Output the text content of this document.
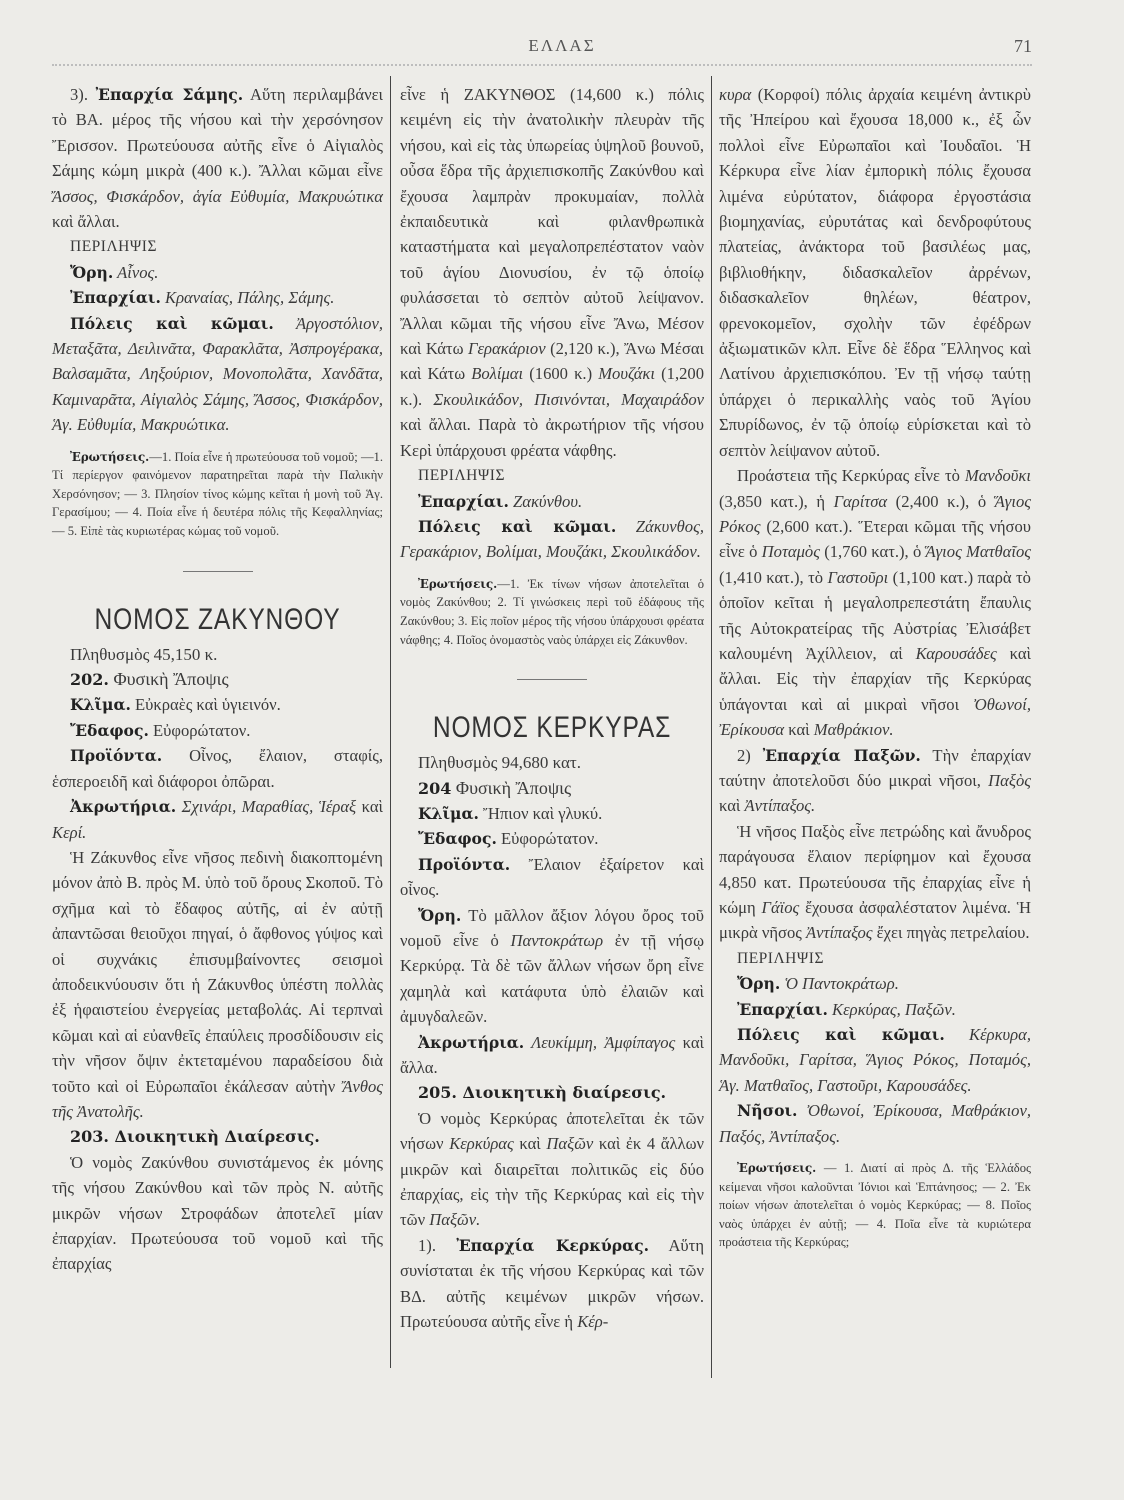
ΕΛΛΑΣ	71

3). Ἐπαρχία Σάμης. Αὕτη περιλαμβάνει τὸ ΒΑ. μέρος τῆς νήσου καὶ τὴν χερσόνησον Ἔρισσον. Πρωτεύουσα αὐτῆς εἶνε ὁ Αἰγιαλὸς Σάμης κώμη μικρὰ (400 κ.). Ἄλλαι κῶμαι εἶνε Ἄσσος, Φισκάρδον, ἁγία Εὐθυμία, Μακρυώτικα καὶ ἄλλαι.

ΠΕΡΙΛΗΨΙΣ

Ὄρη. Αἶνος.

Ἐπαρχίαι. Κραναίας, Πάλης, Σάμης.

Πόλεις καὶ κῶμαι. Ἀργοστόλιον, Μεταξᾶτα, Δειλινᾶτα, Φαρακλᾶτα, Ἀσπρογέρακα, Βαλσαμᾶτα, Ληξούριον, Μονοπολᾶτα, Χανδᾶτα, Καμιναρᾶτα, Αἰγιαλὸς Σάμης, Ἄσσος, Φισκάρδον, Ἁγ. Εὐθυμία, Μακρυώτικα.

Ἐρωτήσεις.—1. Ποία εἶνε ἡ πρωτεύουσα τοῦ νομοῦ; —1. Τί περίεργον φαινόμενον παρατηρεῖται παρὰ τὴν Παλικὴν Χερσόνησον; — 3. Πλησίον τίνος κώμης κεῖται ἡ μονὴ τοῦ Ἁγ. Γερασίμου; — 4. Ποία εἶνε ἡ δευτέρα πόλις τῆς Κεφαλληνίας; — 5. Εἰπὲ τὰς κυριωτέρας κώμας τοῦ νομοῦ.

ΝΟΜΟΣ ΖΑΚΥΝΘΟΥ

Πληθυσμὸς 45,150 κ.

202. Φυσικὴ Ἄποψις

Κλῖμα. Εὐκραὲς καὶ ὑγιεινόν.

Ἔδαφος. Εὐφορώτατον.

Προϊόντα. Οἶνος, ἔλαιον, σταφίς, ἑσπεροειδῆ καὶ διάφοροι ὀπῶραι.

Ἀκρωτήρια. Σχινάρι, Μαραθίας, Ἱέραξ καὶ Κερί.

Ἡ Ζάκυνθος εἶνε νῆσος πεδινὴ διακοπτομένη μόνον ἀπὸ Β. πρὸς Μ. ὑπὸ τοῦ ὄρους Σκοποῦ. Τὸ σχῆμα καὶ τὸ ἔδαφος αὐτῆς, αἱ ἐν αὐτῇ ἀπαντῶσαι θειοῦχοι πηγαί, ὁ ἄφθονος γύψος καὶ οἱ συχνάκις ἐπισυμβαίνοντες σεισμοὶ ἀποδεικνύουσιν ὅτι ἡ Ζάκυνθος ὑπέστη πολλὰς ἐξ ἡφαιστείου ἐνεργείας μεταβολάς. Αἱ τερπναὶ κῶμαι καὶ αἱ εὐανθεῖς ἐπαύλεις προσδίδουσιν εἰς τὴν νῆσον ὄψιν ἐκτεταμένου παραδείσου διὰ τοῦτο καὶ οἱ Εὐρωπαῖοι ἐκάλεσαν αὐτὴν Ἄνθος τῆς Ἀνατολῆς.

203. Διοικητικὴ Διαίρεσις.

Ὁ νομὸς Ζακύνθου συνιστάμενος ἐκ μόνης τῆς νήσου Ζακύνθου καὶ τῶν πρὸς Ν. αὐτῆς μικρῶν νήσων Στροφάδων ἀποτελεῖ μίαν ἐπαρχίαν. Πρωτεύουσα τοῦ νομοῦ καὶ τῆς ἐπαρχίας

εἶνε ἡ ΖΑΚΥΝΘΟΣ (14,600 κ.) πόλις κειμένη εἰς τὴν ἀνατολικὴν πλευρὰν τῆς νήσου, καὶ εἰς τὰς ὑπωρείας ὑψηλοῦ βουνοῦ, οὖσα ἕδρα τῆς ἀρχιεπισκοπῆς Ζακύνθου καὶ ἔχουσα λαμπρὰν προκυμαίαν, πολλὰ ἐκπαιδευτικὰ καὶ φιλανθρωπικὰ καταστήματα καὶ μεγαλοπρεπέστατον ναὸν τοῦ ἁγίου Διονυσίου, ἐν τῷ ὁποίῳ φυλάσσεται τὸ σεπτὸν αὐτοῦ λείψανον. Ἄλλαι κῶμαι τῆς νήσου εἶνε Ἄνω, Μέσον καὶ Κάτω Γερακάριον (2,120 κ.), Ἄνω Μέσαι καὶ Κάτω Βολίμαι (1600 κ.) Μουζάκι (1,200 κ.). Σκουλικάδον, Πισινόνται, Μαχαιράδον καὶ ἄλλαι. Παρὰ τὸ ἀκρωτήριον τῆς νήσου Κερὶ ὑπάρχουσι φρέατα νάφθης.

ΠΕΡΙΛΗΨΙΣ

Ἐπαρχίαι. Ζακύνθου.

Πόλεις καὶ κῶμαι. Ζάκυνθος, Γερακάριον, Βολίμαι, Μουζάκι, Σκουλικάδον.

Ἐρωτήσεις.—1. Ἐκ τίνων νήσων ἀποτελεῖται ὁ νομὸς Ζακύνθου; 2. Τί γινώσκεις περὶ τοῦ ἐδάφους τῆς Ζακύνθου; 3. Εἰς ποῖον μέρος τῆς νήσου ὑπάρχουσι φρέατα νάφθης; 4. Ποῖος ὀνομαστὸς ναὸς ὑπάρχει εἰς Ζάκυνθον.

ΝΟΜΟΣ ΚΕΡΚΥΡΑΣ

Πληθυσμὸς 94,680 κατ.

204 Φυσικὴ Ἄποψις

Κλῖμα. Ἤπιον καὶ γλυκύ.

Ἔδαφος. Εὐφορώτατον.

Προϊόντα. Ἔλαιον ἐξαίρετον καὶ οἶνος.

Ὄρη. Τὸ μᾶλλον ἄξιον λόγου ὄρος τοῦ νομοῦ εἶνε ὁ Παντοκράτωρ ἐν τῇ νήσῳ Κερκύρᾳ. Τὰ δὲ τῶν ἄλλων νήσων ὄρη εἶνε χαμηλὰ καὶ κατάφυτα ὑπὸ ἐλαιῶν καὶ ἀμυγδαλεῶν.

Ἀκρωτήρια. Λευκίμμη, Ἀμφίπαγος καὶ ἄλλα.

205. Διοικητικὴ διαίρεσις.

Ὁ νομὸς Κερκύρας ἀποτελεῖται ἐκ τῶν νήσων Κερκύρας καὶ Παξῶν καὶ ἐκ 4 ἄλλων μικρῶν καὶ διαιρεῖται πολιτικῶς εἰς δύο ἐπαρχίας, εἰς τὴν τῆς Κερκύρας καὶ εἰς τὴν τῶν Παξῶν.

1). Ἐπαρχία Κερκύρας. Αὕτη συνίσταται ἐκ τῆς νήσου Κερκύρας καὶ τῶν ΒΔ. αὐτῆς κειμένων μικρῶν νήσων. Πρωτεύουσα αὐτῆς εἶνε ἡ Κέρ-

κυρα (Κορφοί) πόλις ἀρχαία κειμένη ἀντικρὺ τῆς Ἠπείρου καὶ ἔχουσα 18,000 κ., ἐξ ὧν πολλοὶ εἶνε Εὐρωπαῖοι καὶ Ἰουδαῖοι. Ἡ Κέρκυρα εἶνε λίαν ἐμπορικὴ πόλις ἔχουσα λιμένα εὐρύτατον, διάφορα ἐργοστάσια βιομηχανίας, εὐρυτάτας καὶ δενδροφύτους πλατείας, ἀνάκτορα τοῦ βασιλέως μας, βιβλιοθήκην, διδασκαλεῖον ἀρρένων, διδασκαλεῖον θηλέων, θέατρον, φρενοκομεῖον, σχολὴν τῶν ἐφέδρων ἀξιωματικῶν κλπ. Εἶνε δὲ ἕδρα Ἕλληνος καὶ Λατίνου ἀρχιεπισκόπου. Ἐν τῇ νήσῳ ταύτῃ ὑπάρχει ὁ περικαλλὴς ναὸς τοῦ Ἁγίου Σπυρίδωνος, ἐν τῷ ὁποίῳ εὑρίσκεται καὶ τὸ σεπτὸν λείψανον αὐτοῦ.

Προάστεια τῆς Κερκύρας εἶνε τὸ Μανδοῦκι (3,850 κατ.), ἡ Γαρίτσα (2,400 κ.), ὁ Ἅγιος Ρόκος (2,600 κατ.). Ἕτεραι κῶμαι τῆς νήσου εἶνε ὁ Ποταμὸς (1,760 κατ.), ὁ Ἅγιος Ματθαῖος (1,410 κατ.), τὸ Γαστοῦρι (1,100 κατ.) παρὰ τὸ ὁποῖον κεῖται ἡ μεγαλοπρεπεστάτη ἔπαυλις τῆς Αὐτοκρατείρας τῆς Αὐστρίας Ἐλισάβετ καλουμένη Ἀχίλλειον, αἱ Καρουσάδες καὶ ἄλλαι. Εἰς τὴν ἐπαρχίαν τῆς Κερκύρας ὑπάγονται καὶ αἱ μικραὶ νῆσοι Ὀθωνοί, Ἐρίκουσα καὶ Μαθράκιον.

2) Ἐπαρχία Παξῶν. Τὴν ἐπαρχίαν ταύτην ἀποτελοῦσι δύο μικραὶ νῆσοι, Παξὸς καὶ Ἀντίπαξος.

Ἡ νῆσος Παξὸς εἶνε πετρώδης καὶ ἄνυδρος παράγουσα ἔλαιον περίφημον καὶ ἔχουσα 4,850 κατ. Πρωτεύουσα τῆς ἐπαρχίας εἶνε ἡ κώμη Γάϊος ἔχουσα ἀσφαλέστατον λιμένα. Ἡ μικρὰ νῆσος Ἀντίπαξος ἔχει πηγὰς πετρελαίου.

ΠΕΡΙΛΗΨΙΣ

Ὄρη. Ὁ Παντοκράτωρ.

Ἐπαρχίαι. Κερκύρας, Παξῶν.

Πόλεις καὶ κῶμαι. Κέρκυρα, Μανδοῦκι, Γαρίτσα, Ἅγιος Ρόκος, Ποταμός, Ἁγ. Ματθαῖος, Γαστοῦρι, Καρουσάδες.

Νῆσοι. Ὀθωνοί, Ἐρίκουσα, Μαθράκιον, Παξός, Ἀντίπαξος.

Ἐρωτήσεις. — 1. Διατί αἱ πρὸς Δ. τῆς Ἑλλάδος κείμεναι νῆσοι καλοῦνται Ἰόνιοι καὶ Ἑπτάνησος; — 2. Ἐκ ποίων νήσων ἀποτελεῖται ὁ νομὸς Κερκύρας; — 8. Ποῖος ναὸς ὑπάρχει ἐν αὐτῇ; — 4. Ποῖα εἶνε τὰ κυριώτερα προάστεια τῆς Κερκύρας;
